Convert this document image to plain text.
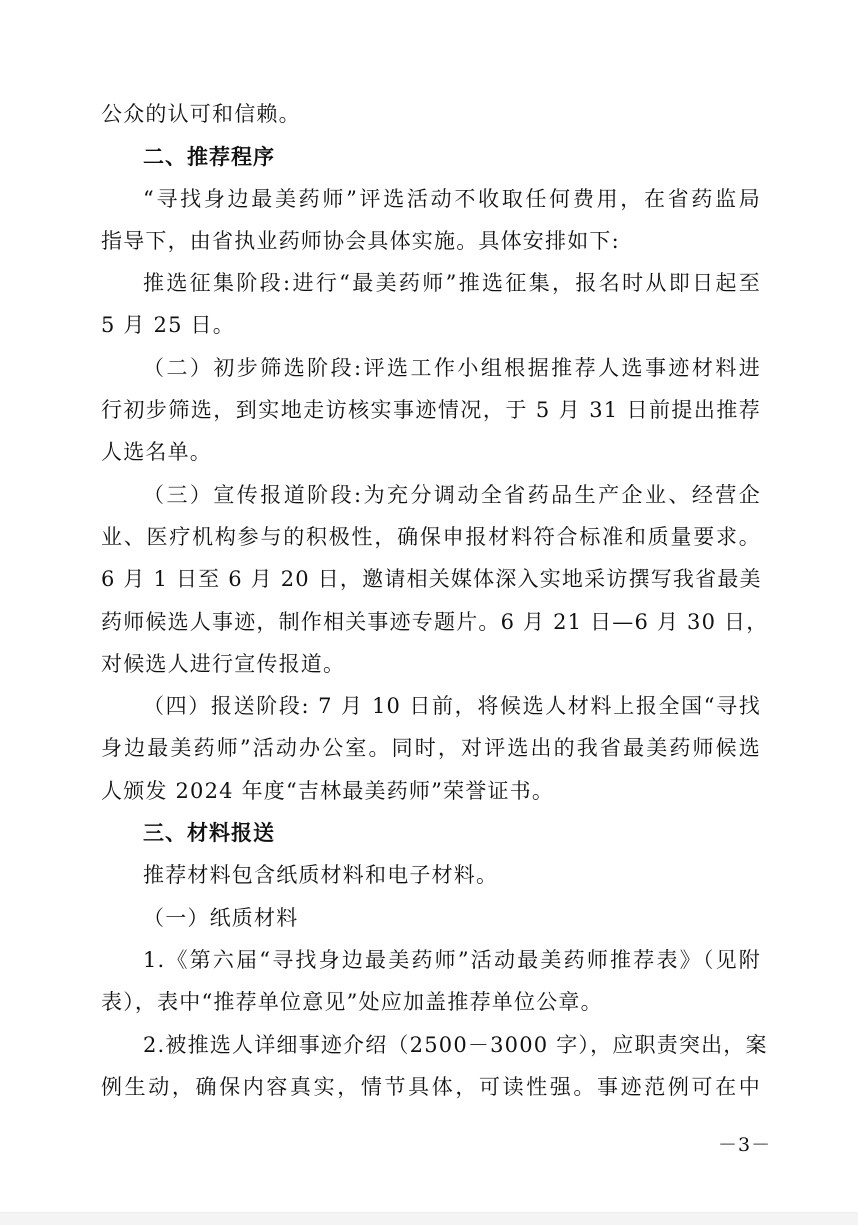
公众的认可和信赖。
二、推荐程序
“寻找身边最美药师”评选活动不收取任何费用，在省药监局
指导下，由省执业药师协会具体实施。具体安排如下:
推选征集阶段:进行“最美药师”推选征集，报名时从即日起至
5 月 25 日。
（二）初步筛选阶段:评选工作小组根据推荐人选事迹材料进
行初步筛选，到实地走访核实事迹情况，于 5 月 31 日前提出推荐
人选名单。
（三）宣传报道阶段:为充分调动全省药品生产企业、经营企
业、医疗机构参与的积极性，确保申报材料符合标准和质量要求。
6 月 1 日至 6 月 20 日，邀请相关媒体深入实地采访撰写我省最美
药师候选人事迹，制作相关事迹专题片。6 月 21 日—6 月 30 日，
对候选人进行宣传报道。
（四）报送阶段: 7 月 10 日前，将候选人材料上报全国“寻找
身边最美药师”活动办公室。同时，对评选出的我省最美药师候选
人颁发 2024 年度“吉林最美药师”荣誉证书。
三、材料报送
推荐材料包含纸质材料和电子材料。
（一）纸质材料
1.《第六届“寻找身边最美药师”活动最美药师推荐表》（见附
表），表中“推荐单位意见”处应加盖推荐单位公章。
2.被推选人详细事迹介绍（2500－3000 字），应职责突出，案
例生动，确保内容真实，情节具体，可读性强。事迹范例可在中
－3－
